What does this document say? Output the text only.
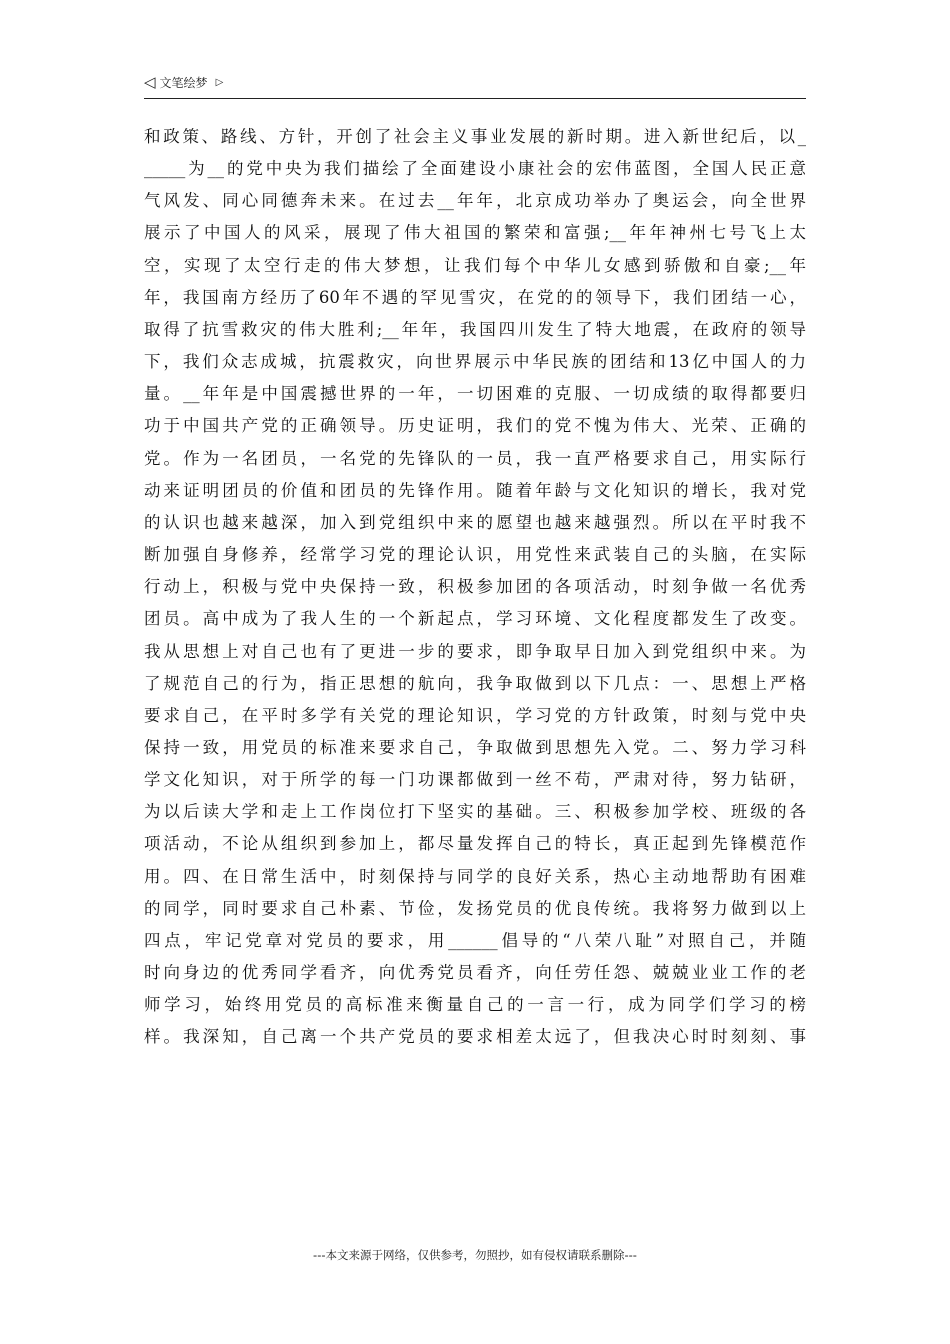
◁ 文笔绘梦 ▷
和政策、路线、方针，开创了社会主义事业发展的新时期。进入新世纪后，以_
_____为__的党中央为我们描绘了全面建设小康社会的宏伟蓝图，全国人民正意
气风发、同心同德奔未来。在过去__年年，北京成功举办了奥运会，向全世界
展示了中国人的风采，展现了伟大祖国的繁荣和富强;__年年神州七号飞上太
空，实现了太空行走的伟大梦想，让我们每个中华儿女感到骄傲和自豪;__年
年，我国南方经历了60年不遇的罕见雪灾，在党的的领导下，我们团结一心，
取得了抗雪救灾的伟大胜利;__年年，我国四川发生了特大地震，在政府的领导
下，我们众志成城，抗震救灾，向世界展示中华民族的团结和13亿中国人的力
量。__年年是中国震撼世界的一年，一切困难的克服、一切成绩的取得都要归
功于中国共产党的正确领导。历史证明，我们的党不愧为伟大、光荣、正确的
党。作为一名团员，一名党的先锋队的一员，我一直严格要求自己，用实际行
动来证明团员的价值和团员的先锋作用。随着年龄与文化知识的增长，我对党
的认识也越来越深，加入到党组织中来的愿望也越来越强烈。所以在平时我不
断加强自身修养，经常学习党的理论认识，用党性来武装自己的头脑，在实际
行动上，积极与党中央保持一致，积极参加团的各项活动，时刻争做一名优秀
团员。高中成为了我人生的一个新起点，学习环境、文化程度都发生了改变。
我从思想上对自己也有了更进一步的要求，即争取早日加入到党组织中来。为
了规范自己的行为，指正思想的航向，我争取做到以下几点：一、思想上严格
要求自己，在平时多学有关党的理论知识，学习党的方针政策，时刻与党中央
保持一致，用党员的标准来要求自己，争取做到思想先入党。二、努力学习科
学文化知识，对于所学的每一门功课都做到一丝不苟，严肃对待，努力钻研，
为以后读大学和走上工作岗位打下坚实的基础。三、积极参加学校、班级的各
项活动，不论从组织到参加上，都尽量发挥自己的特长，真正起到先锋模范作
用。四、在日常生活中，时刻保持与同学的良好关系，热心主动地帮助有困难
的同学，同时要求自己朴素、节俭，发扬党员的优良传统。我将努力做到以上
四点，牢记党章对党员的要求，用______倡导的“八荣八耻”对照自己，并随
时向身边的优秀同学看齐，向优秀党员看齐，向任劳任怨、兢兢业业工作的老
师学习，始终用党员的高标准来衡量自己的一言一行，成为同学们学习的榜
样。我深知，自己离一个共产党员的要求相差太远了，但我决心时时刻刻、事
---本文来源于网络，仅供参考，勿照抄，如有侵权请联系删除---
